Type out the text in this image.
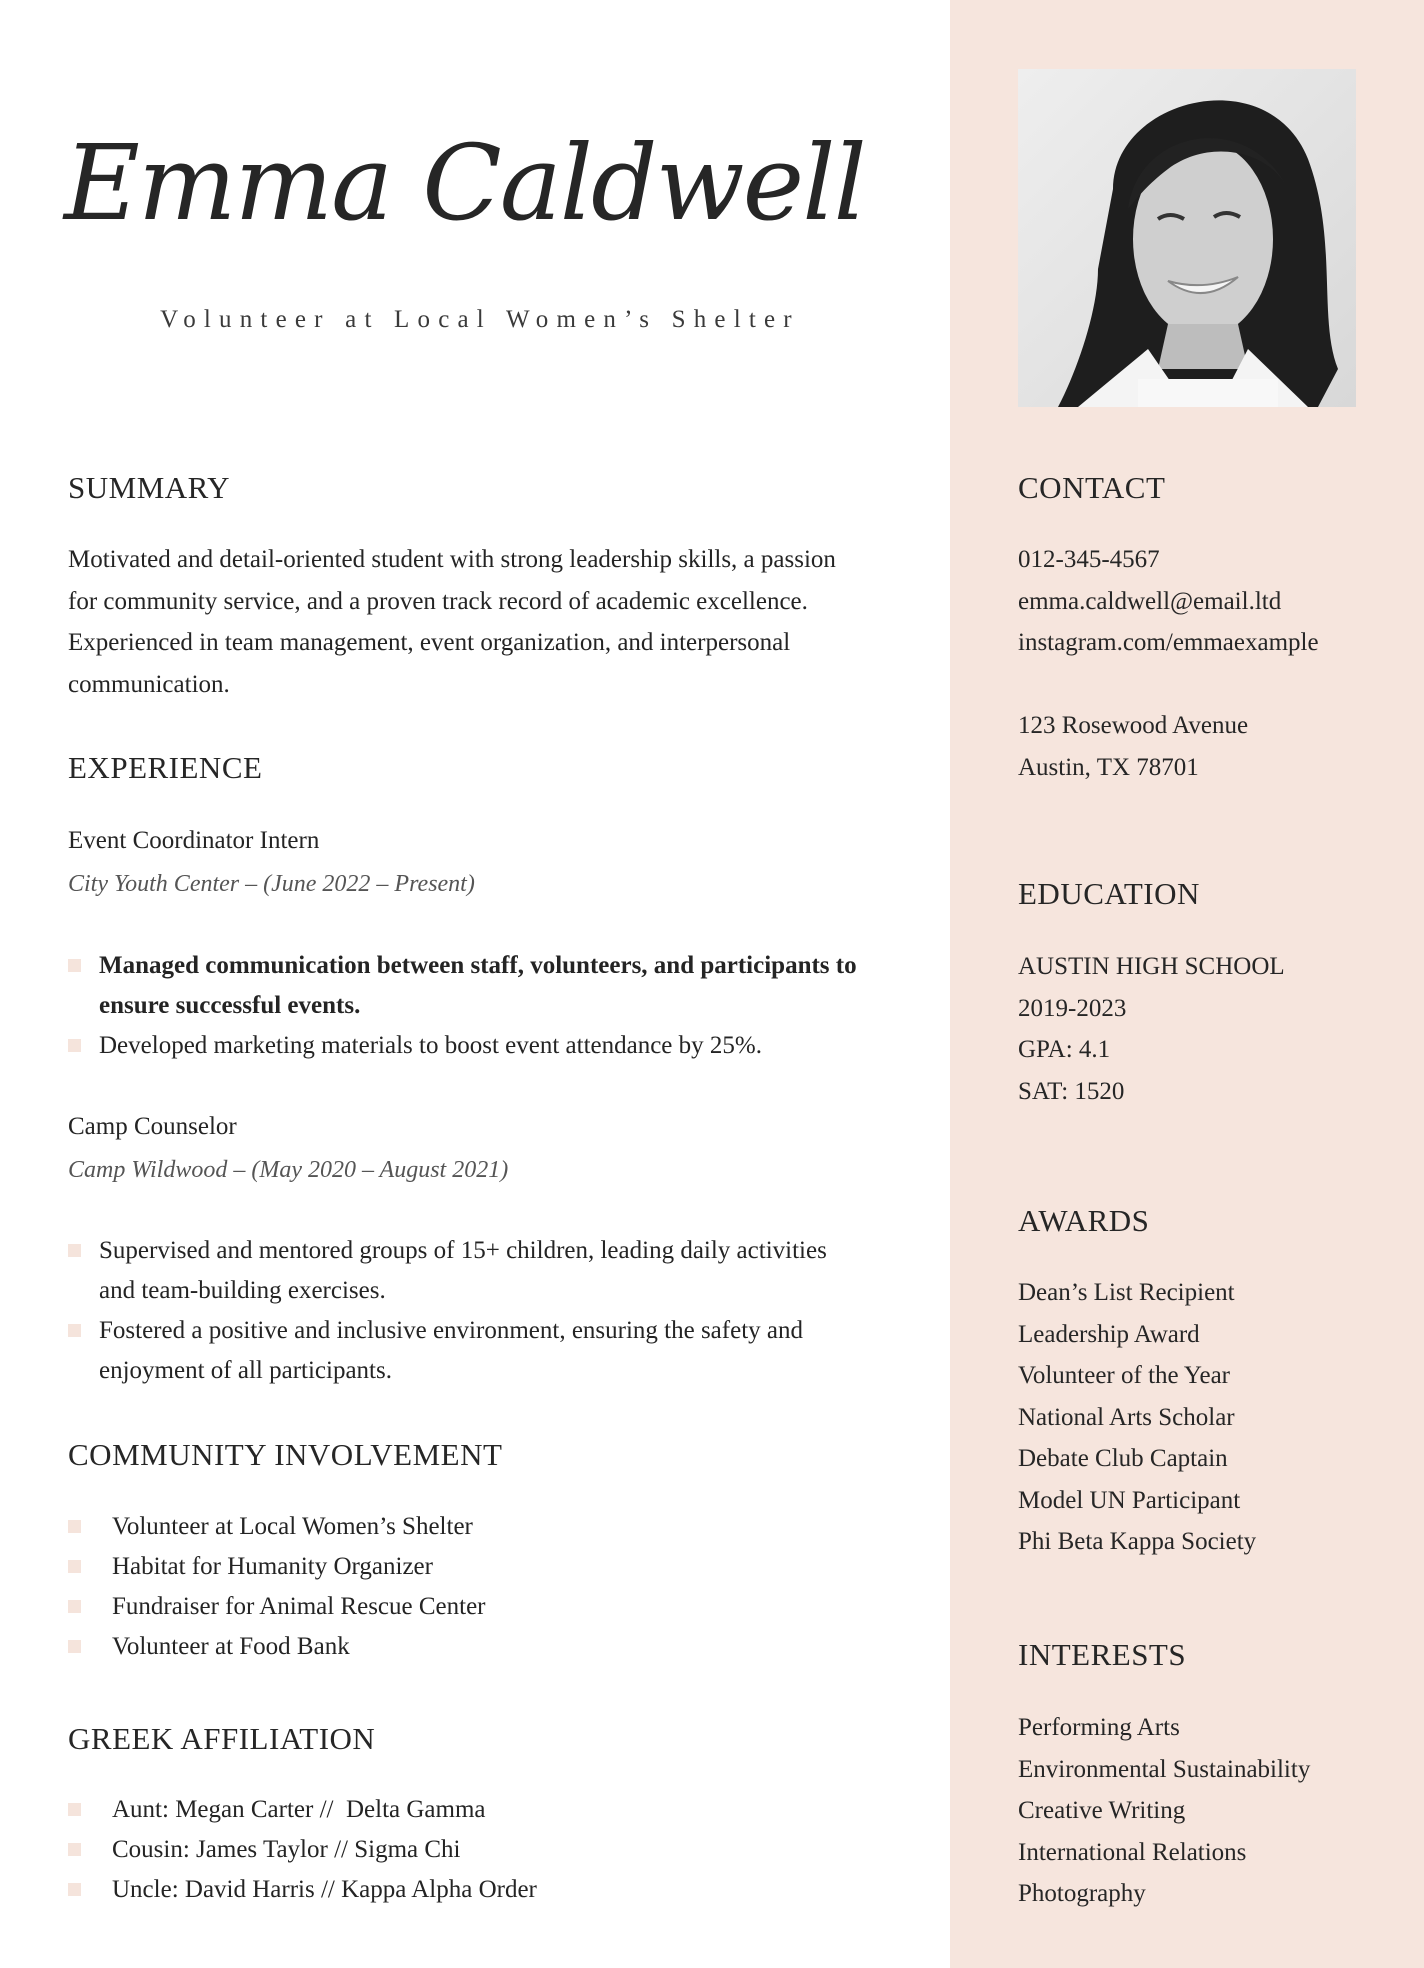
Emma Caldwell
Volunteer at Local Women’s Shelter
SUMMARY
Motivated and detail-oriented student with strong leadership skills, a passion for community service, and a proven track record of academic excellence. Experienced in team management, event organization, and interpersonal communication.
EXPERIENCE
Event Coordinator Intern
City Youth Center – (June 2022 – Present)
Managed communication between staff, volunteers, and participants to ensure successful events.
Developed marketing materials to boost event attendance by 25%.
Camp Counselor
Camp Wildwood – (May 2020 – August 2021)
Supervised and mentored groups of 15+ children, leading daily activities and team-building exercises.
Fostered a positive and inclusive environment, ensuring the safety and enjoyment of all participants.
COMMUNITY INVOLVEMENT
Volunteer at Local Women’s Shelter
Habitat for Humanity Organizer
Fundraiser for Animal Rescue Center
Volunteer at Food Bank
GREEK AFFILIATION
Aunt: Megan Carter //  Delta Gamma
Cousin: James Taylor // Sigma Chi
Uncle: David Harris // Kappa Alpha Order
CONTACT
012-345-4567
emma.caldwell@email.ltd
instagram.com/emmaexample
123 Rosewood Avenue
Austin, TX 78701
EDUCATION
AUSTIN HIGH SCHOOL
2019-2023
GPA: 4.1
SAT: 1520
AWARDS
Dean’s List Recipient
Leadership Award
Volunteer of the Year
National Arts Scholar
Debate Club Captain
Model UN Participant
Phi Beta Kappa Society
INTERESTS
Performing Arts
Environmental Sustainability
Creative Writing
International Relations
Photography
